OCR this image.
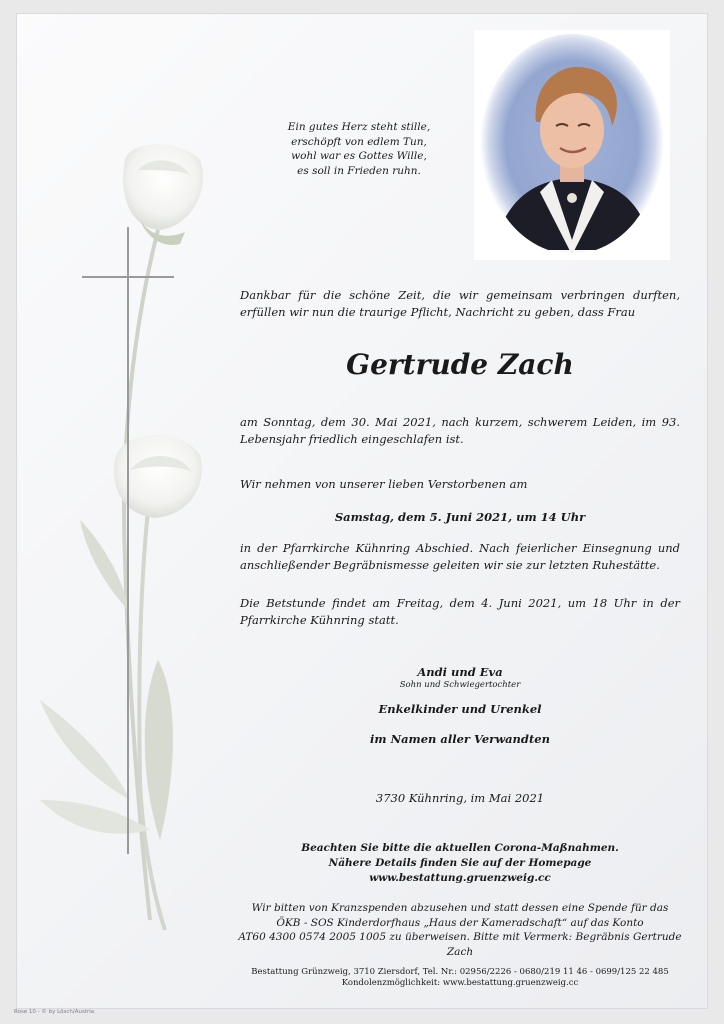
Ein gutes Herz steht stille,
erschöpft von edlem Tun,
wohl war es Gottes Wille,
es soll in Frieden ruhn.
Dankbar für die schöne Zeit, die wir gemeinsam verbringen durften, erfüllen wir nun die traurige Pflicht, Nachricht zu geben, dass Frau
Gertrude Zach
am Sonntag, dem 30. Mai 2021, nach kurzem, schwerem Leiden, im 93. Lebensjahr friedlich eingeschlafen ist.
Wir nehmen von unserer lieben Verstorbenen am
Samstag, dem 5. Juni 2021, um 14 Uhr
in der Pfarrkirche Kühnring Abschied. Nach feierlicher Einsegnung und anschließender Begräbnismesse geleiten wir sie zur letzten Ruhestätte.
Die Betstunde findet am Freitag, dem 4. Juni 2021, um 18 Uhr in der Pfarrkirche Kühnring statt.
Andi und Eva
Sohn und Schwiegertochter
Enkelkinder und Urenkel
im Namen aller Verwandten
3730 Kühnring, im Mai 2021
Beachten Sie bitte die aktuellen Corona-Maßnahmen.
Nähere Details finden Sie auf der Homepage www.bestattung.gruenzweig.cc
Wir bitten von Kranzspenden abzusehen und statt dessen eine Spende für das
ÖKB - SOS Kinderdorfhaus „Haus der Kameradschaft“ auf das Konto
AT60 4300 0574 2005 1005 zu überweisen. Bitte mit Vermerk: Begräbnis Gertrude Zach
Bestattung Grünzweig, 3710 Ziersdorf, Tel. Nr.: 02956/2226 - 0680/219 11 46 - 0699/125 22 485
Kondolenzmöglichkeit: www.bestattung.gruenzweig.cc
Rose 10 - © by Lösch/Austria
